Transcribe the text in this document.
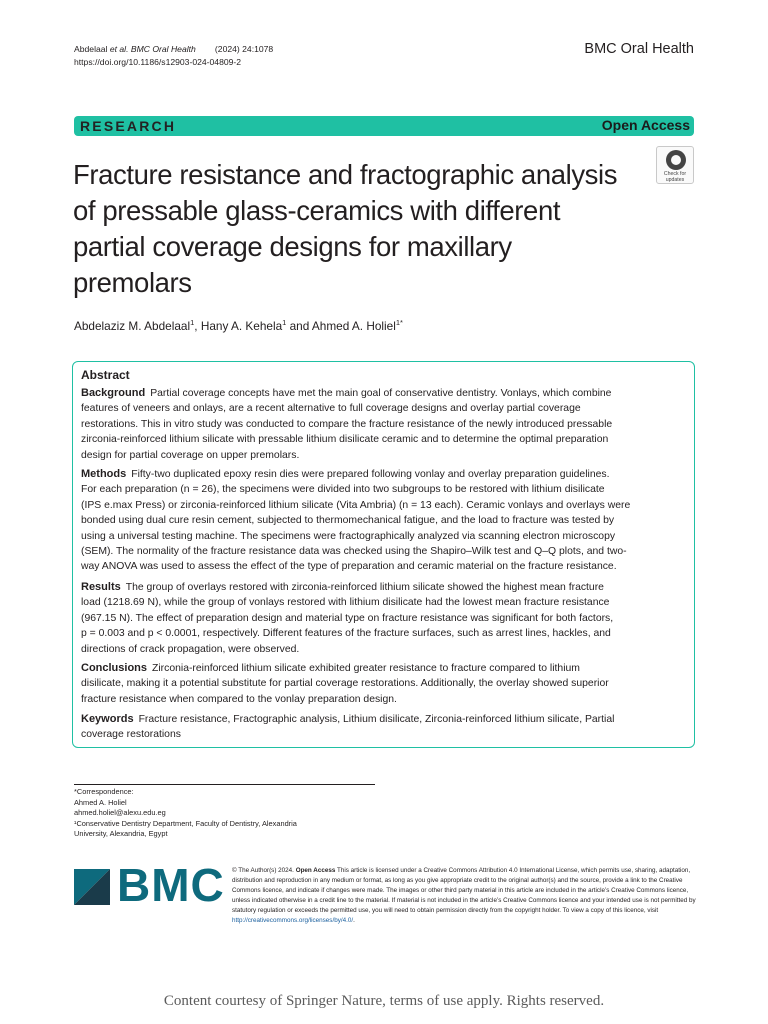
Abdelaal et al. BMC Oral Health (2024) 24:1078
https://doi.org/10.1186/s12903-024-04809-2
BMC Oral Health
RESEARCH	Open Access
Fracture resistance and fractographic analysis
of pressable glass-ceramics with different
partial coverage designs for maxillary
premolars
Check for
updates
Abdelaziz M. Abdelaal$^1$, Hany A. Kehela$^1$ and Ahmed A. Holiel$^{1*}$
Abstract
Background Partial coverage concepts have met the main goal of conservative dentistry. Vonlays, which combine
features of veneers and onlays, are a recent alternative to full coverage designs and overlay partial coverage
restorations. This in vitro study was conducted to compare the fracture resistance of the newly introduced pressable
zirconia-reinforced lithium silicate with pressable lithium disilicate ceramic and to determine the optimal preparation
design for partial coverage on upper premolars.
Methods Fifty-two duplicated epoxy resin dies were prepared following vonlay and overlay preparation guidelines.
For each preparation (n = 26), the specimens were divided into two subgroups to be restored with lithium disilicate
(IPS e.max Press) or zirconia-reinforced lithium silicate (Vita Ambria) (n = 13 each). Ceramic vonlays and overlays were
bonded using dual cure resin cement, subjected to thermomechanical fatigue, and the load to fracture was tested by
using a universal testing machine. The specimens were fractographically analyzed via scanning electron microscopy
(SEM). The normality of the fracture resistance data was checked using the Shapiro–Wilk test and Q–Q plots, and two-
way ANOVA was used to assess the effect of the type of preparation and ceramic material on the fracture resistance.
Results The group of overlays restored with zirconia-reinforced lithium silicate showed the highest mean fracture
load (1218.69 N), while the group of vonlays restored with lithium disilicate had the lowest mean fracture resistance
(967.15 N). The effect of preparation design and material type on fracture resistance was significant for both factors,
p = 0.003 and p < 0.0001, respectively. Different features of the fracture surfaces, such as arrest lines, hackles, and
directions of crack propagation, were observed.
Conclusions Zirconia-reinforced lithium silicate exhibited greater resistance to fracture compared to lithium
disilicate, making it a potential substitute for partial coverage restorations. Additionally, the overlay showed superior
fracture resistance when compared to the vonlay preparation design.
Keywords Fracture resistance, Fractographic analysis, Lithium disilicate, Zirconia-reinforced lithium silicate, Partial
coverage restorations
*Correspondence:
Ahmed A. Holiel
ahmed.holiel@alexu.edu.eg
¹Conservative Dentistry Department, Faculty of Dentistry, Alexandria
University, Alexandria, Egypt
BMC © The Author(s) 2024. Open Access This article is licensed under a Creative Commons Attribution 4.0 International License, which permits use, sharing, adaptation, distribution and reproduction in any medium or format, as long as you give appropriate credit to the original author(s) and the source, provide a link to the Creative Commons licence, and indicate if changes were made. The images or other third party material in this article are included in the article’s Creative Commons licence, unless indicated otherwise in a credit line to the material. If material is not included in the article’s Creative Commons licence and your intended use is not permitted by statutory regulation or exceeds the permitted use, you will need to obtain permission directly from the copyright holder. To view a copy of this licence, visit http://creativecommons.org/licenses/by/4.0/.
Content courtesy of Springer Nature, terms of use apply. Rights reserved.
